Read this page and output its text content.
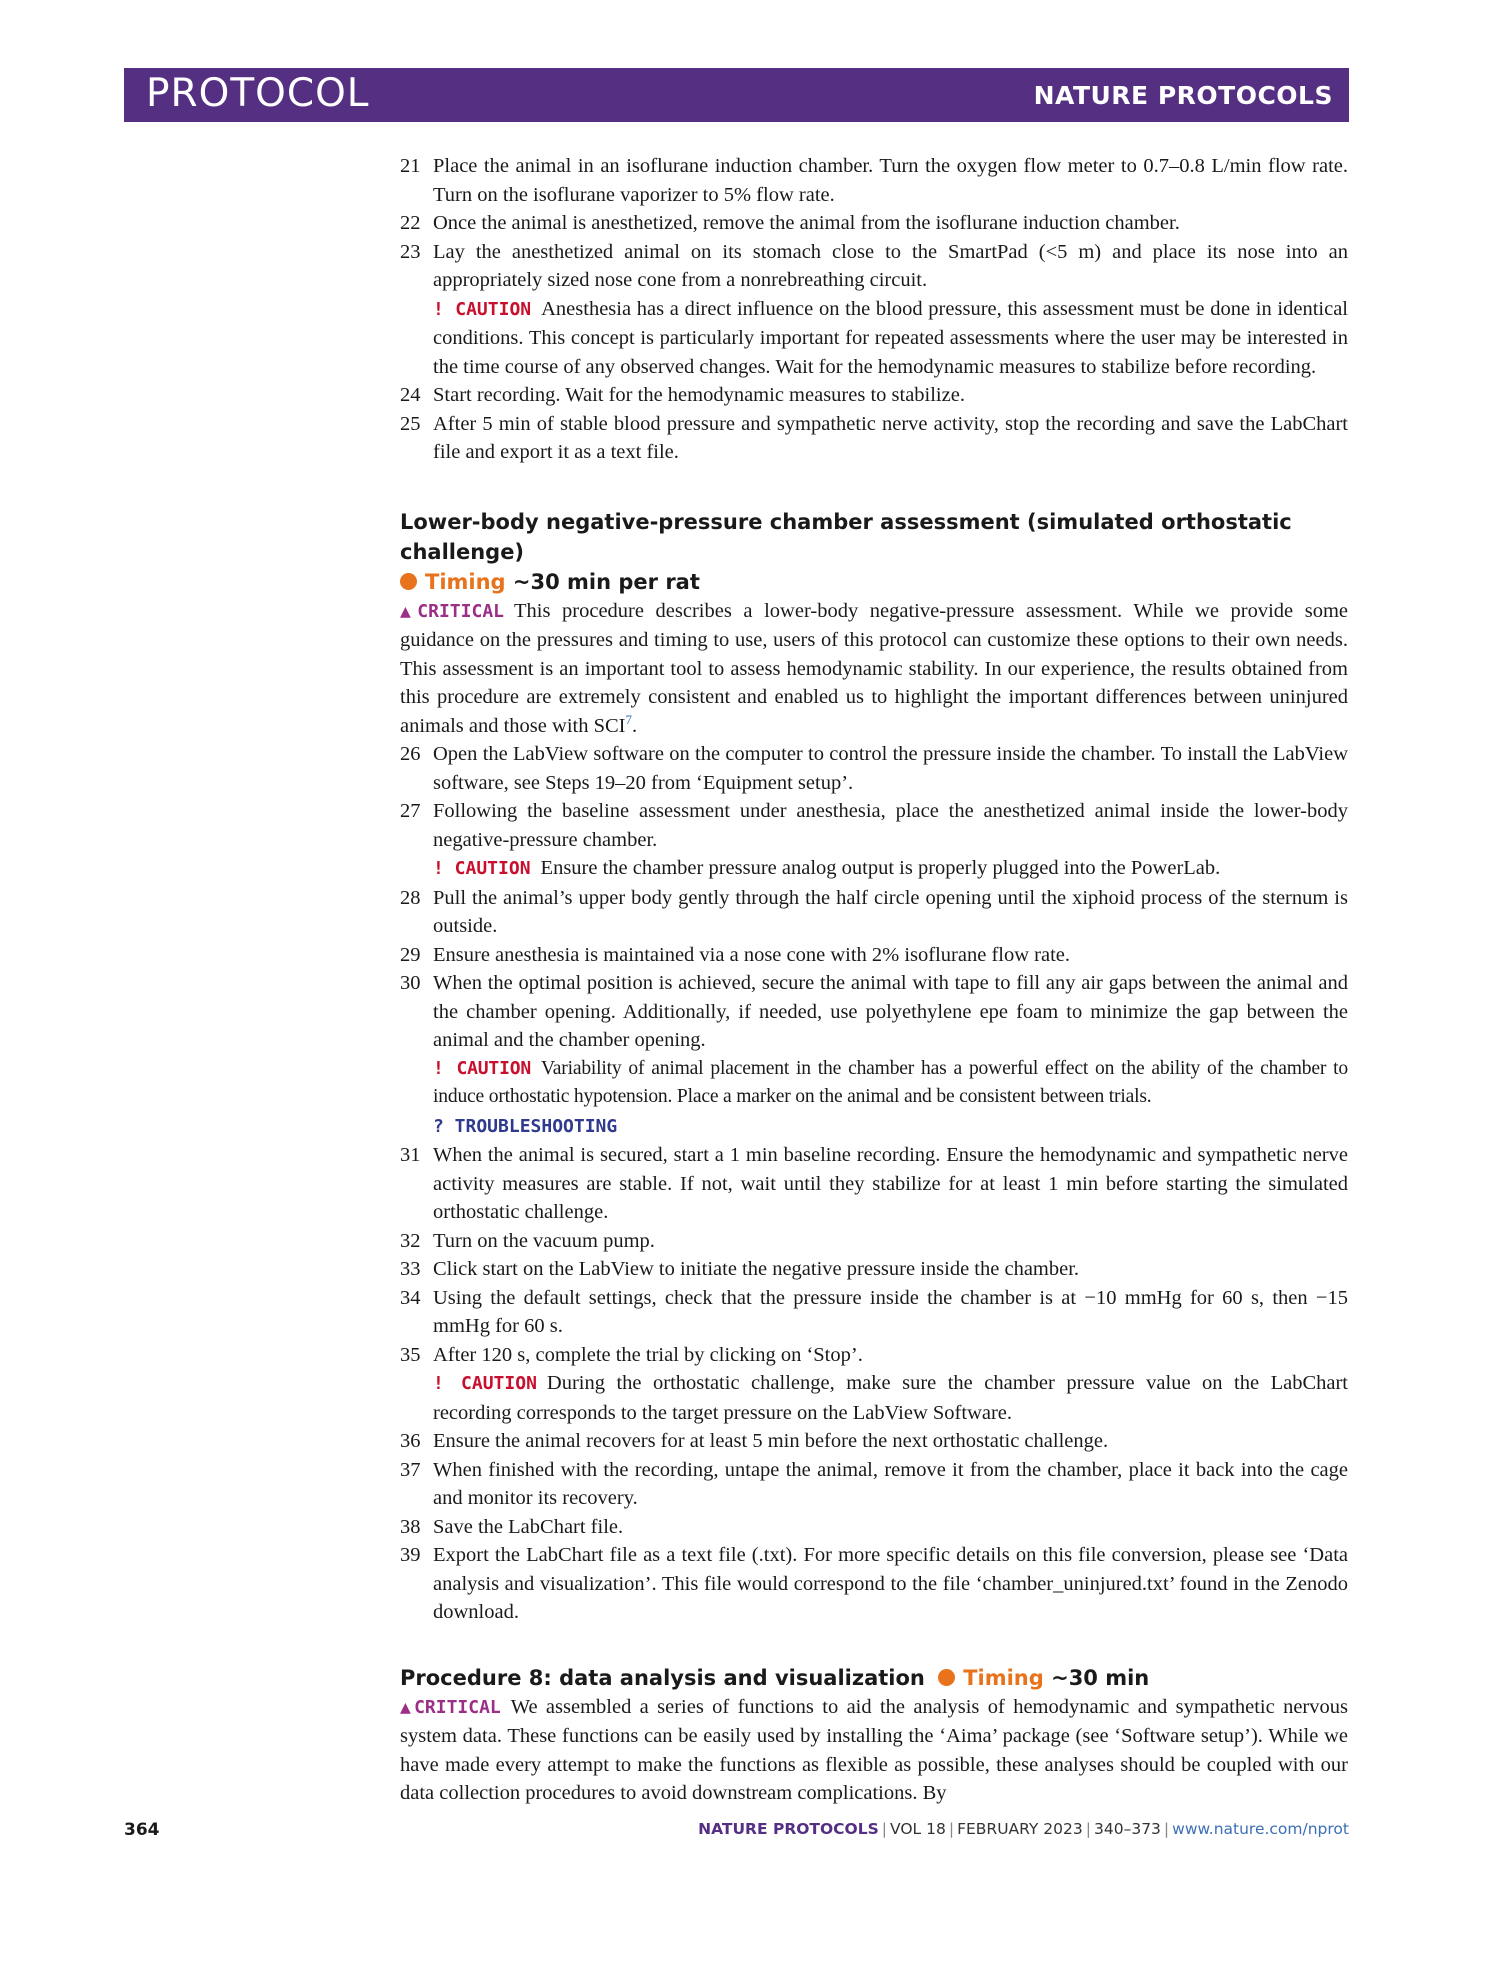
PROTOCOL	NATURE PROTOCOLS
21 Place the animal in an isoflurane induction chamber. Turn the oxygen flow meter to 0.7–0.8 L/min flow rate. Turn on the isoflurane vaporizer to 5% flow rate.
22 Once the animal is anesthetized, remove the animal from the isoflurane induction chamber.
23 Lay the anesthetized animal on its stomach close to the SmartPad (<5 m) and place its nose into an appropriately sized nose cone from a nonrebreathing circuit.
! CAUTION Anesthesia has a direct influence on the blood pressure, this assessment must be done in identical conditions. This concept is particularly important for repeated assessments where the user may be interested in the time course of any observed changes. Wait for the hemodynamic measures to stabilize before recording.
24 Start recording. Wait for the hemodynamic measures to stabilize.
25 After 5 min of stable blood pressure and sympathetic nerve activity, stop the recording and save the LabChart file and export it as a text file.
Lower-body negative-pressure chamber assessment (simulated orthostatic challenge)
Timing ~30 min per rat
▲CRITICAL This procedure describes a lower-body negative-pressure assessment. While we provide some guidance on the pressures and timing to use, users of this protocol can customize these options to their own needs. This assessment is an important tool to assess hemodynamic stability. In our experience, the results obtained from this procedure are extremely consistent and enabled us to highlight the important differences between uninjured animals and those with SCI$^7$.
26 Open the LabView software on the computer to control the pressure inside the chamber. To install the LabView software, see Steps 19–20 from ‘Equipment setup’.
27 Following the baseline assessment under anesthesia, place the anesthetized animal inside the lower-body negative-pressure chamber.
! CAUTION Ensure the chamber pressure analog output is properly plugged into the PowerLab.
28 Pull the animal’s upper body gently through the half circle opening until the xiphoid process of the sternum is outside.
29 Ensure anesthesia is maintained via a nose cone with 2% isoflurane flow rate.
30 When the optimal position is achieved, secure the animal with tape to fill any air gaps between the animal and the chamber opening. Additionally, if needed, use polyethylene epe foam to minimize the gap between the animal and the chamber opening.
! CAUTION Variability of animal placement in the chamber has a powerful effect on the ability of the chamber to induce orthostatic hypotension. Place a marker on the animal and be consistent between trials.
? TROUBLESHOOTING
31 When the animal is secured, start a 1 min baseline recording. Ensure the hemodynamic and sympathetic nerve activity measures are stable. If not, wait until they stabilize for at least 1 min before starting the simulated orthostatic challenge.
32 Turn on the vacuum pump.
33 Click start on the LabView to initiate the negative pressure inside the chamber.
34 Using the default settings, check that the pressure inside the chamber is at −10 mmHg for 60 s, then −15 mmHg for 60 s.
35 After 120 s, complete the trial by clicking on ‘Stop’.
! CAUTION During the orthostatic challenge, make sure the chamber pressure value on the LabChart recording corresponds to the target pressure on the LabView Software.
36 Ensure the animal recovers for at least 5 min before the next orthostatic challenge.
37 When finished with the recording, untape the animal, remove it from the chamber, place it back into the cage and monitor its recovery.
38 Save the LabChart file.
39 Export the LabChart file as a text file (.txt). For more specific details on this file conversion, please see ‘Data analysis and visualization’. This file would correspond to the file ‘chamber_uninjured.txt’ found in the Zenodo download.
Procedure 8: data analysis and visualization Timing ~30 min
▲CRITICAL We assembled a series of functions to aid the analysis of hemodynamic and sympathetic nervous system data. These functions can be easily used by installing the ‘Aima’ package (see ‘Software setup’). While we have made every attempt to make the functions as flexible as possible, these analyses should be coupled with our data collection procedures to avoid downstream complications. By
364	NATURE PROTOCOLS | VOL 18 | FEBRUARY 2023 | 340–373 | www.nature.com/nprot
